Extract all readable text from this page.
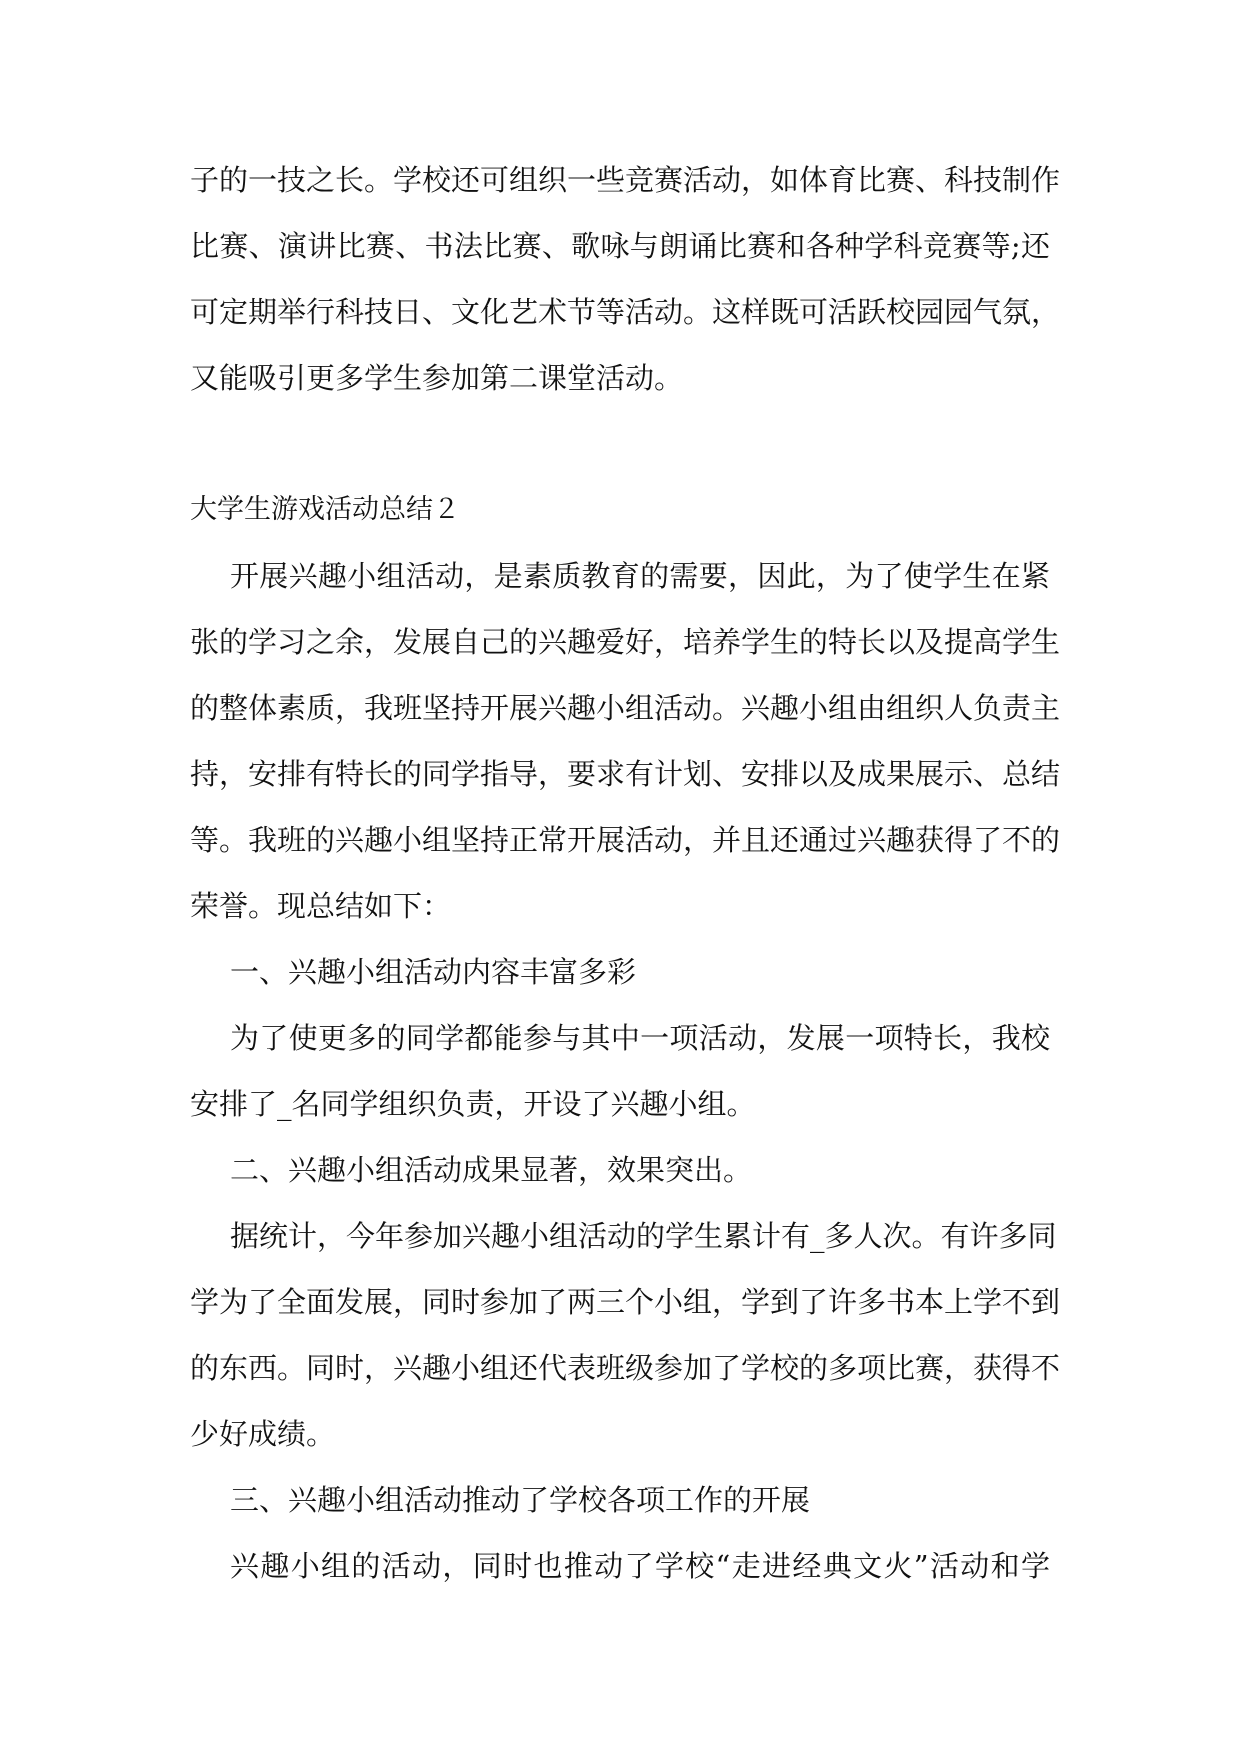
子的一技之长。学校还可组织一些竞赛活动，如体育比赛、科技制作
比赛、演讲比赛、书法比赛、歌咏与朗诵比赛和各种学科竞赛等;还
可定期举行科技日、文化艺术节等活动。这样既可活跃校园园气氛，
又能吸引更多学生参加第二课堂活动。
大学生游戏活动总结２
开展兴趣小组活动，是素质教育的需要，因此，为了使学生在紧
张的学习之余，发展自己的兴趣爱好，培养学生的特长以及提高学生
的整体素质，我班坚持开展兴趣小组活动。兴趣小组由组织人负责主
持，安排有特长的同学指导，要求有计划、安排以及成果展示、总结
等。我班的兴趣小组坚持正常开展活动，并且还通过兴趣获得了不的
荣誉。现总结如下：
一、兴趣小组活动内容丰富多彩
为了使更多的同学都能参与其中一项活动，发展一项特长，我校
安排了_名同学组织负责，开设了兴趣小组。
二、兴趣小组活动成果显著，效果突出。
据统计，今年参加兴趣小组活动的学生累计有_多人次。有许多同
学为了全面发展，同时参加了两三个小组，学到了许多书本上学不到
的东西。同时，兴趣小组还代表班级参加了学校的多项比赛，获得不
少好成绩。
三、兴趣小组活动推动了学校各项工作的开展
兴趣小组的活动，同时也推动了学校“走进经典文火”活动和学
